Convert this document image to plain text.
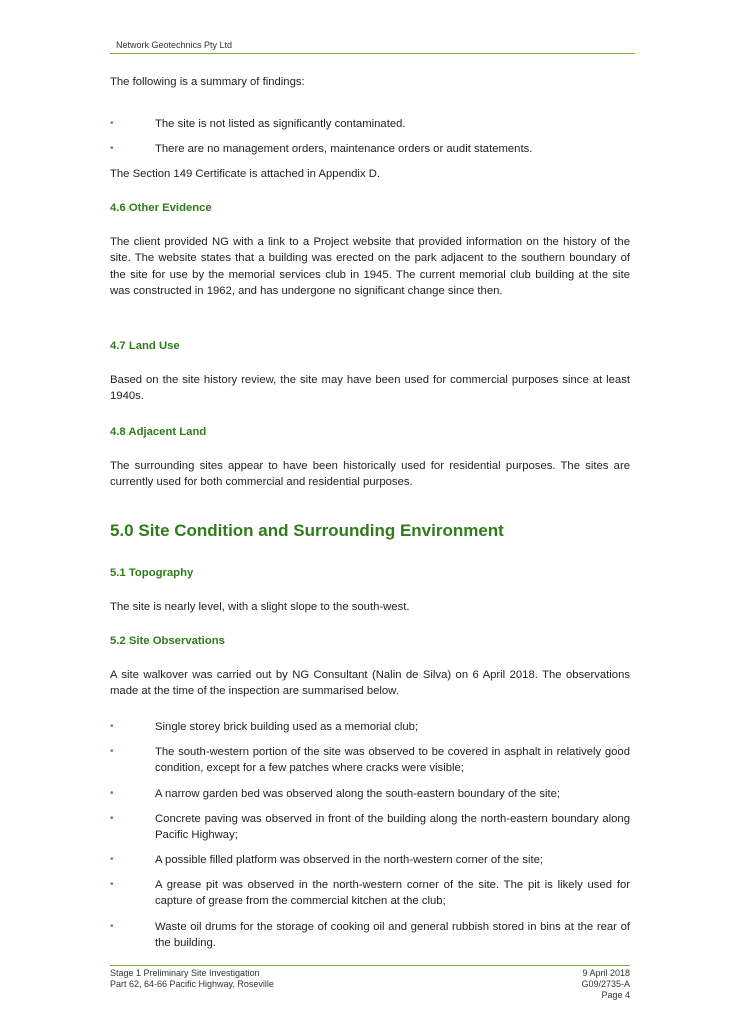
Network Geotechnics Pty Ltd

The following is a summary of findings:

•	The site is not listed as significantly contaminated.
•	There are no management orders, maintenance orders or audit statements.

The Section 149 Certificate is attached in Appendix D.

4.6 Other Evidence

The client provided NG with a link to a Project website that provided information on the history of the site. The website states that a building was erected on the park adjacent to the southern boundary of the site for use by the memorial services club in 1945. The current memorial club building at the site was constructed in 1962, and has undergone no significant change since then.

4.7 Land Use

Based on the site history review, the site may have been used for commercial purposes since at least 1940s.

4.8 Adjacent Land

The surrounding sites appear to have been historically used for residential purposes. The sites are currently used for both commercial and residential purposes.

5.0 Site Condition and Surrounding Environment
5.1 Topography

The site is nearly level, with a slight slope to the south-west.

5.2 Site Observations

A site walkover was carried out by NG Consultant (Nalin de Silva) on 6 April 2018. The observations made at the time of the inspection are summarised below.

•	Single storey brick building used as a memorial club;
•	The south-western portion of the site was observed to be covered in asphalt in relatively good condition, except for a few patches where cracks were visible;
•	A narrow garden bed was observed along the south-eastern boundary of the site;
•	Concrete paving was observed in front of the building along the north-eastern boundary along Pacific Highway;
•	A possible filled platform was observed in the north-western corner of the site;
•	A grease pit was observed in the north-western corner of the site. The pit is likely used for capture of grease from the commercial kitchen at the club;
•	Waste oil drums for the storage of cooking oil and general rubbish stored in bins at the rear of the building.
Stage 1 Preliminary Site Investigation
Part 62, 64-66 Pacific Highway, Roseville
9 April 2018
G09/2735-A
Page 4
